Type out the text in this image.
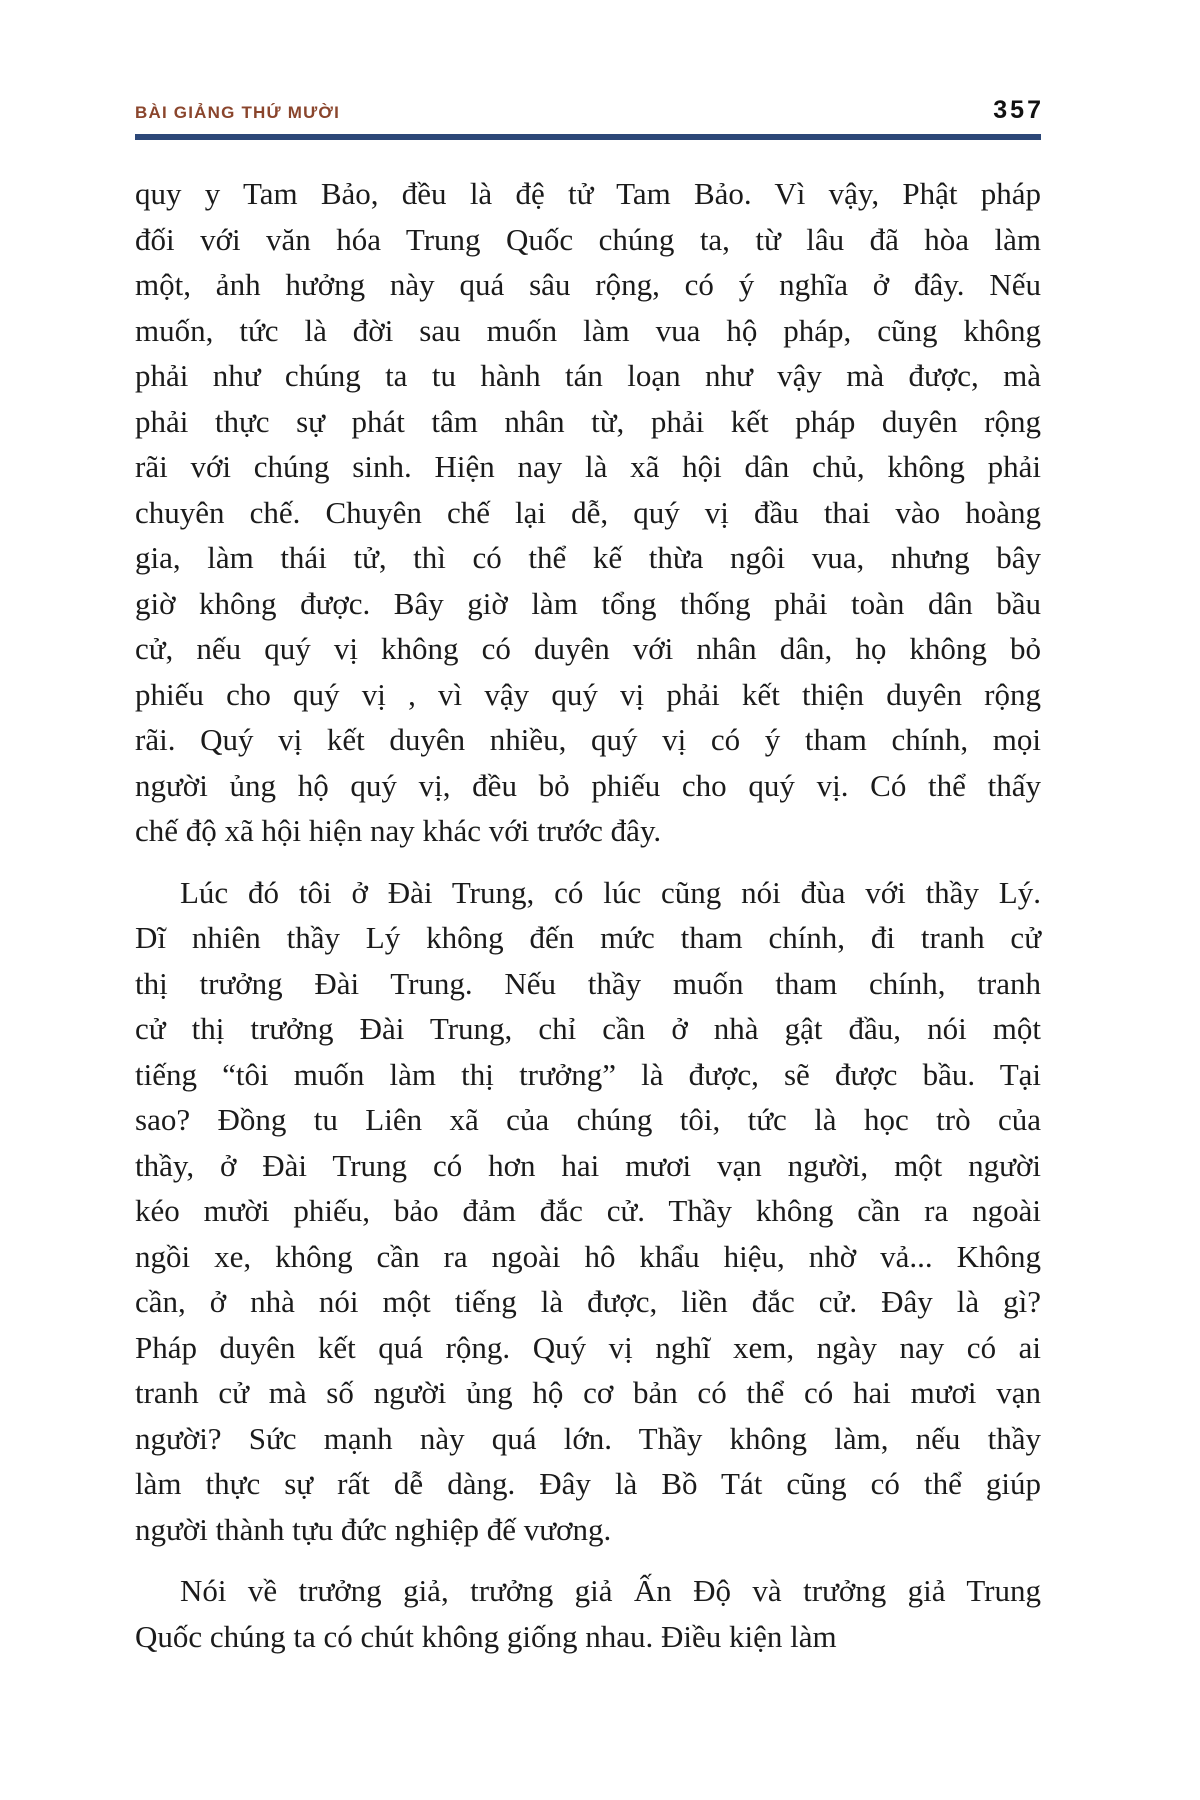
BÀI GIẢNG THỨ MƯỜI	357
quy y Tam Bảo, đều là đệ tử Tam Bảo. Vì vậy, Phật pháp
đối với văn hóa Trung Quốc chúng ta, từ lâu đã hòa làm
một, ảnh hưởng này quá sâu rộng, có ý nghĩa ở đây. Nếu
muốn, tức là đời sau muốn làm vua hộ pháp, cũng không
phải như chúng ta tu hành tán loạn như vậy mà được, mà
phải thực sự phát tâm nhân từ, phải kết pháp duyên rộng
rãi với chúng sinh. Hiện nay là xã hội dân chủ, không phải
chuyên chế. Chuyên chế lại dễ, quý vị đầu thai vào hoàng
gia, làm thái tử, thì có thể kế thừa ngôi vua, nhưng bây
giờ không được. Bây giờ làm tổng thống phải toàn dân bầu
cử, nếu quý vị không có duyên với nhân dân, họ không bỏ
phiếu cho quý vị , vì vậy quý vị phải kết thiện duyên rộng
rãi. Quý vị kết duyên nhiều, quý vị có ý tham chính, mọi
người ủng hộ quý vị, đều bỏ phiếu cho quý vị. Có thể thấy
chế độ xã hội hiện nay khác với trước đây.
Lúc đó tôi ở Đài Trung, có lúc cũng nói đùa với thầy Lý.
Dĩ nhiên thầy Lý không đến mức tham chính, đi tranh cử
thị trưởng Đài Trung. Nếu thầy muốn tham chính, tranh
cử thị trưởng Đài Trung, chỉ cần ở nhà gật đầu, nói một
tiếng “tôi muốn làm thị trưởng” là được, sẽ được bầu. Tại
sao? Đồng tu Liên xã của chúng tôi, tức là học trò của
thầy, ở Đài Trung có hơn hai mươi vạn người, một người
kéo mười phiếu, bảo đảm đắc cử. Thầy không cần ra ngoài
ngồi xe, không cần ra ngoài hô khẩu hiệu, nhờ vả... Không
cần, ở nhà nói một tiếng là được, liền đắc cử. Đây là gì?
Pháp duyên kết quá rộng. Quý vị nghĩ xem, ngày nay có ai
tranh cử mà số người ủng hộ cơ bản có thể có hai mươi vạn
người? Sức mạnh này quá lớn. Thầy không làm, nếu thầy
làm thực sự rất dễ dàng. Đây là Bồ Tát cũng có thể giúp
người thành tựu đức nghiệp đế vương.
Nói về trưởng giả, trưởng giả Ấn Độ và trưởng giả Trung
Quốc chúng ta có chút không giống nhau. Điều kiện làm
